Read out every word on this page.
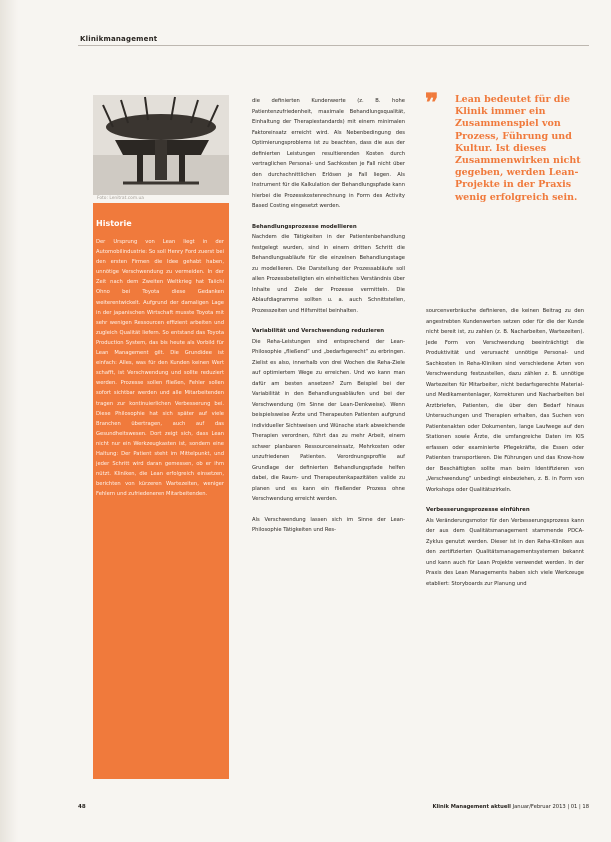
Klinikmanagement
Foto: Lenitrat.com.ua
Historie
Der Ursprung von Lean liegt in der Automobilindustrie: So soll Henry Ford zuerst bei den ersten Firmen die Idee gehabt haben, unnötige Verschwendung zu vermeiden. In der Zeit nach dem Zweiten Weltkrieg hat Taiichi Ohno bei Toyota diese Gedanken weiterentwickelt. Aufgrund der damaligen Lage in der japanischen Wirtschaft musste Toyota mit sehr wenigen Ressourcen effizient arbeiten und zugleich Qualität liefern. So entstand das Toyota Production System, das bis heute als Vorbild für Lean Management gilt. Die Grundidee ist einfach: Alles, was für den Kunden keinen Wert schafft, ist Verschwendung und sollte reduziert werden. Prozesse sollen fließen, Fehler sollen sofort sichtbar werden und alle Mitarbeitenden tragen zur kontinuierlichen Verbesserung bei. Diese Philosophie hat sich später auf viele Branchen übertragen, auch auf das Gesundheitswesen. Dort zeigt sich, dass Lean nicht nur ein Werkzeugkasten ist, sondern eine Haltung: Der Patient steht im Mittelpunkt, und jeder Schritt wird daran gemessen, ob er ihm nützt. Kliniken, die Lean erfolgreich einsetzen, berichten von kürzeren Wartezeiten, weniger Fehlern und zufriedeneren Mitarbeitenden.

die definierten Kundenwerte (z. B. hohe Patientenzufriedenheit, maximale Behandlungsqualität, Einhaltung der Therapiestandards) mit einem minimalen Faktoreinsatz erreicht wird. Als Nebenbedingung des Optimierungsproblems ist zu beachten, dass die aus der definierten Leistungen resultierenden Kosten durch vertraglichen Personal- und Sachkosten je Fall nicht über den durchschnittlichen Erlösen je Fall liegen. Als Instrument für die Kalkulation der Behandlungspfade kann hierbei die Prozesskostenrechnung in Form des Activity Based Costing eingesetzt werden.

Behandlungsprozesse modellieren

Nachdem die Tätigkeiten in der Patientenbehandlung festgelegt wurden, sind in einem dritten Schritt die Behandlungsabläufe für die einzelnen Behandlungstage zu modellieren. Die Darstellung der Prozessabläufe soll allen Prozessbeteiligten ein einheitliches Verständnis über Inhalte und Ziele der Prozesse vermitteln. Die Ablaufdiagramme sollten u. a. auch Schnittstellen, Prozesszeiten und Hilfsmittel beinhalten.

Variabilität und Verschwendung reduzieren

Die Reha-Leistungen sind entsprechend der Lean-Philosophie „fließend“ und „bedarfsgerecht“ zu erbringen. Zielist es also, innerhalb von drei Wochen die Reha-Ziele auf optimiertem Wege zu erreichen. Und wo kann man dafür am besten ansetzen? Zum Beispiel bei der Variabilität in den Behandlungsabläufen und bei der Verschwendung (im Sinne der Lean-Denkweise). Wenn beispielsweise Ärzte und Therapeuten Patienten aufgrund individueller Sichtweisen und Wünsche stark abweichende Therapien verordnen, führt das zu mehr Arbeit, einem schwer planbaren Ressourceneinsatz, Mehrkosten oder unzufriedenen Patienten. Verordnungsprofile auf Grundlage der definierten Behandlungspfade helfen dabei, die Raum- und Therapeutenkapazitäten valide zu planen und es kann ein fließender Prozess ohne Verschwendung erreicht werden.

Als Verschwendung lassen sich im Sinne der Lean-Philosophie Tätigkeiten und Res-

❞ Lean bedeutet für die Klinik immer ein Zusammenspiel von Prozess, Führung und Kultur. Ist dieses Zusammenwirken nicht gegeben, werden Lean-Projekte in der Praxis wenig erfolgreich sein.

sourcenverbräuche definieren, die keinen Beitrag zu den angestrebten Kundenwerten setzen oder für die der Kunde nicht bereit ist, zu zahlen (z. B. Nacharbeiten, Wartezeiten). Jede Form von Verschwendung beeinträchtigt die Produktivität und verursacht unnötige Personal- und Sachkosten in Reha-Kliniken sind verschiedene Arten von Verschwendung festzustellen, dazu zählen z. B. unnötige Wartezeiten für Mitarbeiter, nicht bedarfsgerechte Material- und Medikamentenlager, Korrekturen und Nacharbeiten bei Arztbriefen, Patienten, die über den Bedarf hinaus Untersuchungen und Therapien erhalten, das Suchen von Patientenakten oder Dokumenten, lange Laufwege auf den Stationen sowie Ärzte, die umfangreiche Daten im KIS erfassen oder examinierte Pflegekräfte, die Essen oder Patienten transportieren. Die Führungen und das Know-how der Beschäftigten sollte man beim Identifizieren von „Verschwendung“ unbedingt einbeziehen, z. B. in Form von Workshops oder Qualitätszirkeln.

Verbesserungsprozesse einführen

Als Veränderungsmotor für den Verbesserungsprozess kann der aus dem Qualitätsmanagement stammende PDCA-Zyklus genutzt werden. Dieser ist in den Reha-Kliniken aus den zertifizierten Qualitätsmanagementsystemen bekannt und kann auch für Lean Projekte verwendet werden. In der Praxis des Lean Managements haben sich viele Werkzeuge etabliert: Storyboards zur Planung und

48	Klinik Management aktuell Januar/Februar 2013 | 01 | 18
